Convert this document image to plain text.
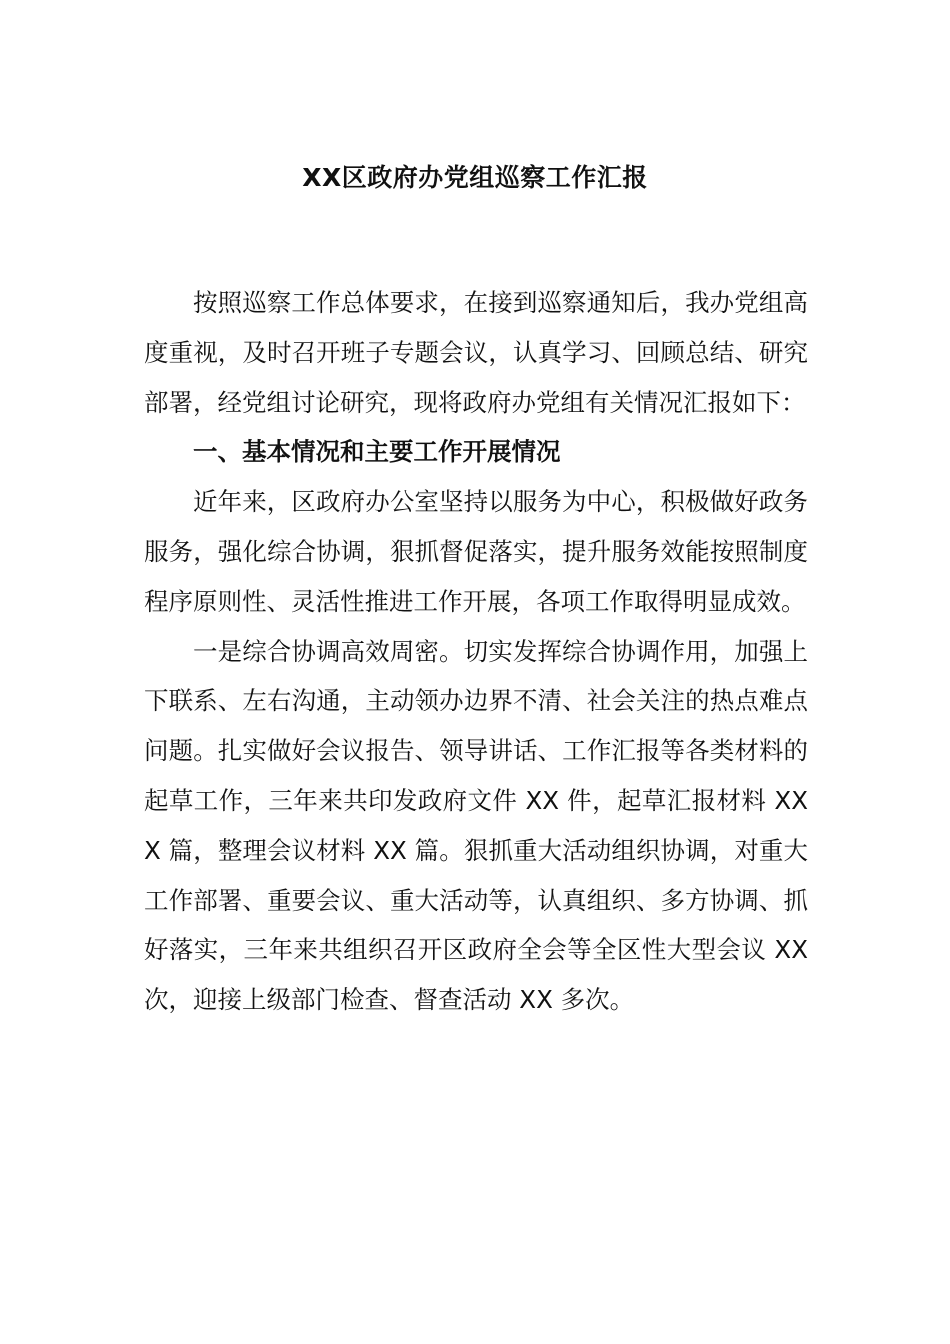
XX区政府办党组巡察工作汇报

按照巡察工作总体要求，在接到巡察通知后，我办党组高度重视，及时召开班子专题会议，认真学习、回顾总结、研究部署，经党组讨论研究，现将政府办党组有关情况汇报如下：

一、基本情况和主要工作开展情况

近年来，区政府办公室坚持以服务为中心，积极做好政务服务，强化综合协调，狠抓督促落实，提升服务效能按照制度程序原则性、灵活性推进工作开展，各项工作取得明显成效。

一是综合协调高效周密。切实发挥综合协调作用，加强上下联系、左右沟通，主动领办边界不清、社会关注的热点难点问题。扎实做好会议报告、领导讲话、工作汇报等各类材料的起草工作，三年来共印发政府文件 XX 件，起草汇报材料 XXX 篇，整理会议材料 XX 篇。狠抓重大活动组织协调，对重大工作部署、重要会议、重大活动等，认真组织、多方协调、抓好落实，三年来共组织召开区政府全会等全区性大型会议 XX 次，迎接上级部门检查、督查活动 XX 多次。
